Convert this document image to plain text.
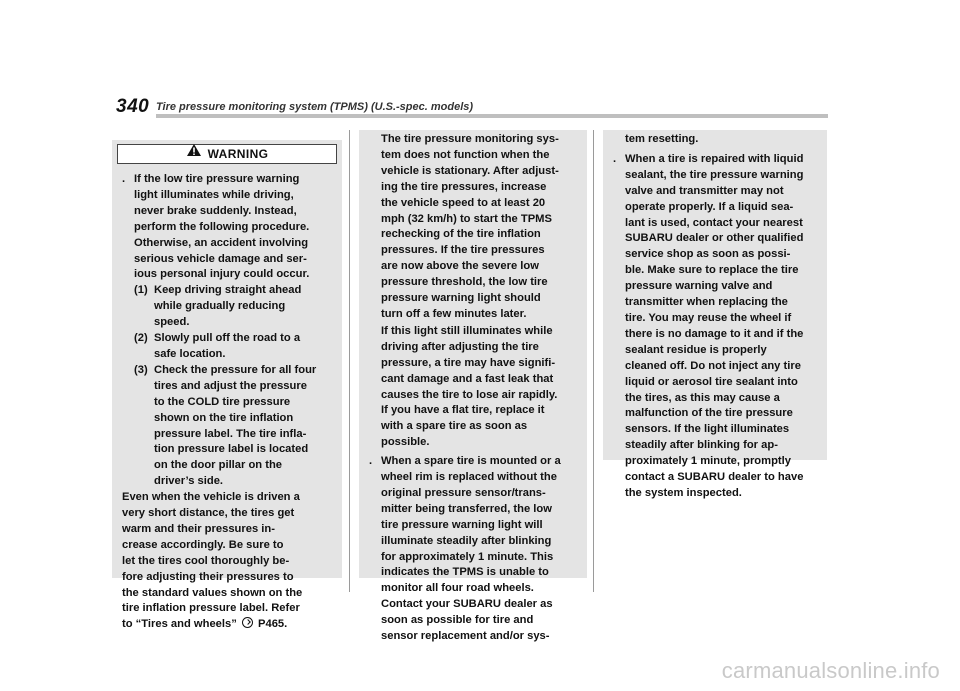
340 Tire pressure monitoring system (TPMS) (U.S.-spec. models)
WARNING
. If the low tire pressure warning
light illuminates while driving,
never brake suddenly. Instead,
perform the following procedure.
Otherwise, an accident involving
serious vehicle damage and ser-
ious personal injury could occur.
(1) Keep driving straight ahead
while gradually reducing
speed.
(2) Slowly pull off the road to a
safe location.
(3) Check the pressure for all four
tires and adjust the pressure
to the COLD tire pressure
shown on the tire inflation
pressure label. The tire infla-
tion pressure label is located
on the door pillar on the
driver’s side.
Even when the vehicle is driven a
very short distance, the tires get
warm and their pressures in-
crease accordingly. Be sure to
let the tires cool thoroughly be-
fore adjusting their pressures to
the standard values shown on the
tire inflation pressure label. Refer
to “Tires and wheels” P465.
The tire pressure monitoring sys-
tem does not function when the
vehicle is stationary. After adjust-
ing the tire pressures, increase
the vehicle speed to at least 20
mph (32 km/h) to start the TPMS
rechecking of the tire inflation
pressures. If the tire pressures
are now above the severe low
pressure threshold, the low tire
pressure warning light should
turn off a few minutes later.
If this light still illuminates while
driving after adjusting the tire
pressure, a tire may have signifi-
cant damage and a fast leak that
causes the tire to lose air rapidly.
If you have a flat tire, replace it
with a spare tire as soon as
possible.
. When a spare tire is mounted or a
wheel rim is replaced without the
original pressure sensor/trans-
mitter being transferred, the low
tire pressure warning light will
illuminate steadily after blinking
for approximately 1 minute. This
indicates the TPMS is unable to
monitor all four road wheels.
Contact your SUBARU dealer as
soon as possible for tire and
sensor replacement and/or sys-
tem resetting.
. When a tire is repaired with liquid
sealant, the tire pressure warning
valve and transmitter may not
operate properly. If a liquid sea-
lant is used, contact your nearest
SUBARU dealer or other qualified
service shop as soon as possi-
ble. Make sure to replace the tire
pressure warning valve and
transmitter when replacing the
tire. You may reuse the wheel if
there is no damage to it and if the
sealant residue is properly
cleaned off. Do not inject any tire
liquid or aerosol tire sealant into
the tires, as this may cause a
malfunction of the tire pressure
sensors. If the light illuminates
steadily after blinking for ap-
proximately 1 minute, promptly
contact a SUBARU dealer to have
the system inspected.
carmanualsonline.info
